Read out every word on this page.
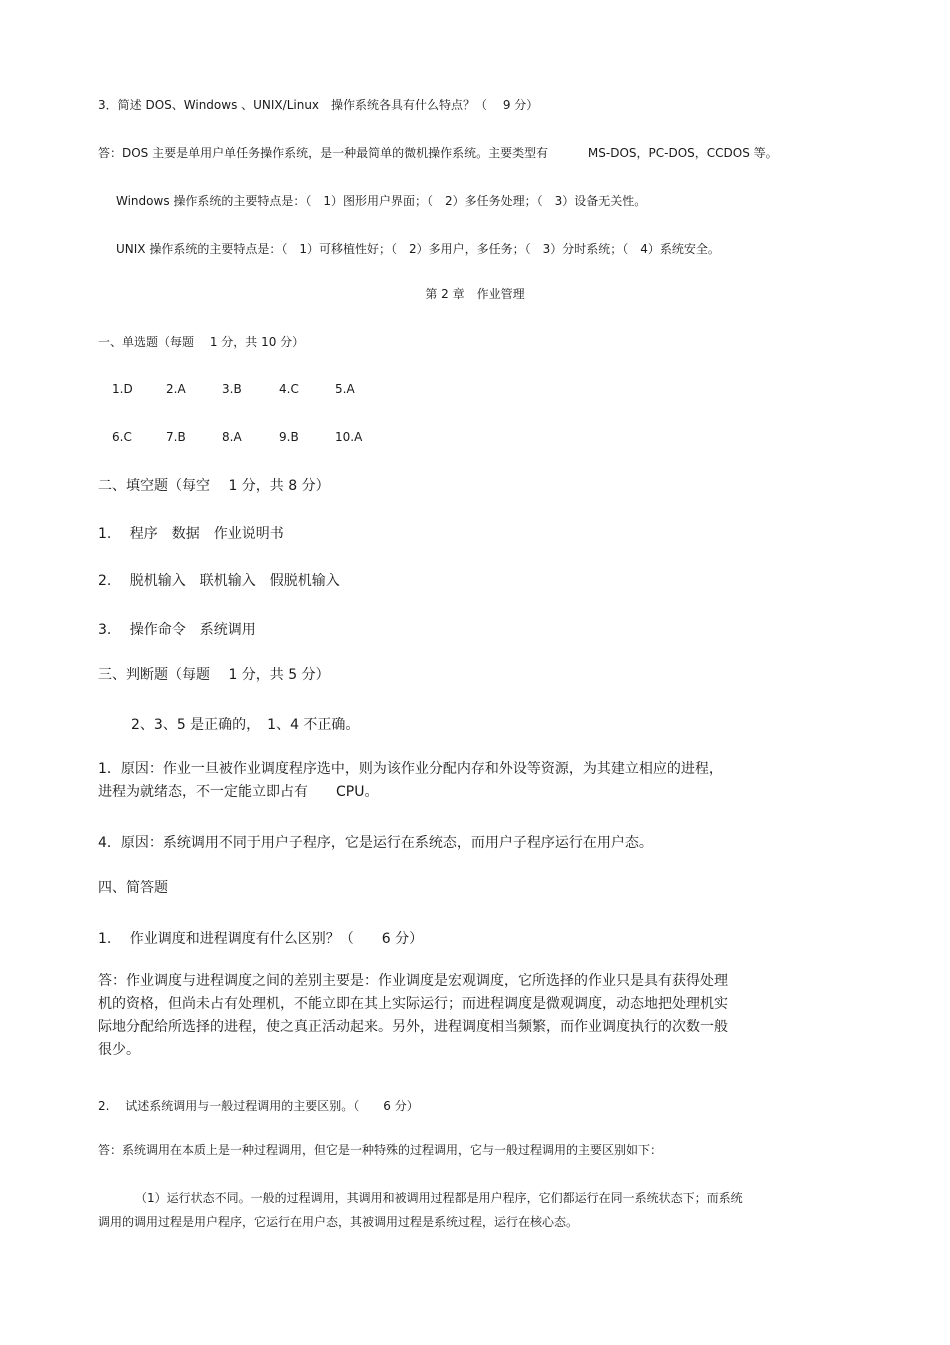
3．简述 DOS、Windows 、UNIX/Linux　操作系统各具有什么特点？（　 9 分）
答：DOS 主要是单用户单任务操作系统，是一种最简单的微机操作系统。主要类型有　　　 MS-DOS，PC-DOS，CCDOS 等。
Windows 操作系统的主要特点是：（　1）图形用户界面；（　2）多任务处理；（　3）设备无关性。
UNIX 操作系统的主要特点是：（　1）可移植性好；（　2）多用户，多任务；（　3）分时系统；（　4）系统安全。
第 2 章　作业管理
一、单选题（每题　 1 分，共 10 分）
1.D	2.A	3.B	4.C	5.A
6.C	7.B	8.A	9.B	10.A
二、填空题（每空　 1 分，共 8 分）
1.　 程序　数据　作业说明书
2.　 脱机输入　联机输入　假脱机输入
3.　 操作命令　系统调用
三、判断题（每题　 1 分，共 5 分）
2、3、5 是正确的，　1、4 不正确。

1．原因：作业一旦被作业调度程序选中，则为该作业分配内存和外设等资源，为其建立相应的进程，

进程为就绪态，不一定能立即占有　　CPU。

4．原因：系统调用不同于用户子程序，它是运行在系统态，而用户子程序运行在用户态。
四、简答题
1.　 作业调度和进程调度有什么区别？（　　6 分）

答：作业调度与进程调度之间的差别主要是：作业调度是宏观调度，它所选择的作业只是具有获得处理

机的资格，但尚未占有处理机，不能立即在其上实际运行；而进程调度是微观调度，动态地把处理机实

际地分配给所选择的进程，使之真正活动起来。另外，进程调度相当频繁，而作业调度执行的次数一般

很少。

2.　 试述系统调用与一般过程调用的主要区别。（　　6 分）
答：系统调用在本质上是一种过程调用，但它是一种特殊的过程调用，它与一般过程调用的主要区别如下：
（1）运行状态不同。一般的过程调用，其调用和被调用过程都是用户程序，它们都运行在同一系统状态下；而系统
调用的调用过程是用户程序，它运行在用户态，其被调用过程是系统过程，运行在核心态。
